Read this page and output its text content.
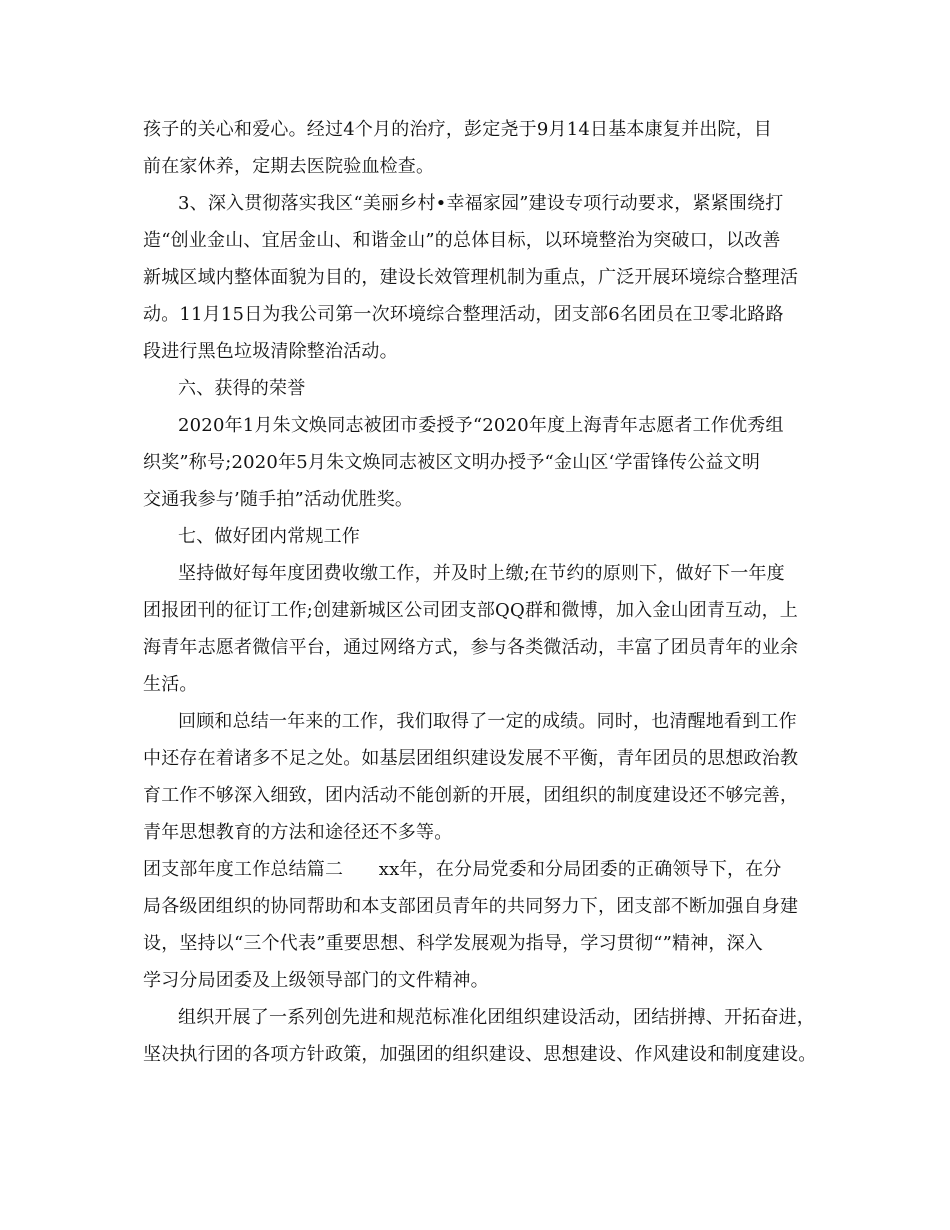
孩子的关心和爱心。经过4个月的治疗，彭定尧于9月14日基本康复并出院，目
前在家休养，定期去医院验血检查。
3、深入贯彻落实我区“美丽乡村•幸福家园”建设专项行动要求，紧紧围绕打
造“创业金山、宜居金山、和谐金山”的总体目标，以环境整治为突破口，以改善
新城区域内整体面貌为目的，建设长效管理机制为重点，广泛开展环境综合整理活
动。11月15日为我公司第一次环境综合整理活动，团支部6名团员在卫零北路路
段进行黑色垃圾清除整治活动。
六、获得的荣誉
2020年1月朱文焕同志被团市委授予“2020年度上海青年志愿者工作优秀组
织奖”称号;2020年5月朱文焕同志被区文明办授予“金山区‘学雷锋传公益文明
交通我参与’随手拍”活动优胜奖。
七、做好团内常规工作
坚持做好每年度团费收缴工作，并及时上缴;在节约的原则下，做好下一年度
团报团刊的征订工作;创建新城区公司团支部QQ群和微博，加入金山团青互动，上
海青年志愿者微信平台，通过网络方式，参与各类微活动，丰富了团员青年的业余
生活。
回顾和总结一年来的工作，我们取得了一定的成绩。同时，也清醒地看到工作
中还存在着诸多不足之处。如基层团组织建设发展不平衡，青年团员的思想政治教
育工作不够深入细致，团内活动不能创新的开展，团组织的制度建设还不够完善，
青年思想教育的方法和途径还不多等。
团支部年度工作总结篇二      xx年，在分局党委和分局团委的正确领导下，在分
局各级团组织的协同帮助和本支部团员青年的共同努力下，团支部不断加强自身建
设，坚持以“三个代表”重要思想、科学发展观为指导，学习贯彻“”精神，深入
学习分局团委及上级领导部门的文件精神。
组织开展了一系列创先进和规范标准化团组织建设活动，团结拼搏、开拓奋进，
坚决执行团的各项方针政策，加强团的组织建设、思想建设、作风建设和制度建设。
